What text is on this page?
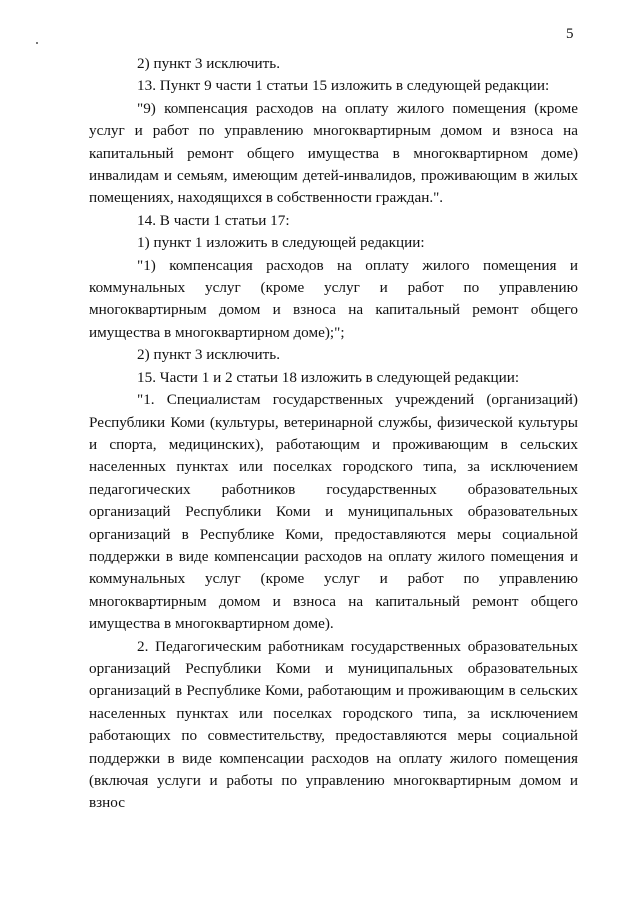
5

2) пункт 3 исключить.

13. Пункт 9 части 1 статьи 15 изложить в следующей редакции:

"9) компенсация расходов на оплату жилого помещения (кроме услуг и работ по управлению многоквартирным домом и взноса на капитальный ремонт общего имущества в многоквартирном доме) инвалидам и семьям, имеющим детей-инвалидов, проживающим в жилых помещениях, находящихся в собственности граждан.".

14. В части 1 статьи 17:

1) пункт 1 изложить в следующей редакции:

"1) компенсация расходов на оплату жилого помещения и коммунальных услуг (кроме услуг и работ по управлению многоквартирным домом и взноса на капитальный ремонт общего имущества в многоквартирном доме);";

2) пункт 3 исключить.

15. Части 1 и 2 статьи 18 изложить в следующей редакции:

"1. Специалистам государственных учреждений (организаций) Республики Коми (культуры, ветеринарной службы, физической культуры и спорта, медицинских), работающим и проживающим в сельских населенных пунктах или поселках городского типа, за исключением педагогических работников государственных образовательных организаций Республики Коми и муниципальных образовательных организаций в Республике Коми, предоставляются меры социальной поддержки в виде компенсации расходов на оплату жилого помещения и коммунальных услуг (кроме услуг и работ по управлению многоквартирным домом и взноса на капитальный ремонт общего имущества в многоквартирном доме).

2. Педагогическим работникам государственных образовательных организаций Республики Коми и муниципальных образовательных организаций в Республике Коми, работающим и проживающим в сельских населенных пунктах или поселках городского типа, за исключением работающих по совместительству, предоставляются меры социальной поддержки в виде компенсации расходов на оплату жилого помещения (включая услуги и работы по управлению многоквартирным домом и взнос
